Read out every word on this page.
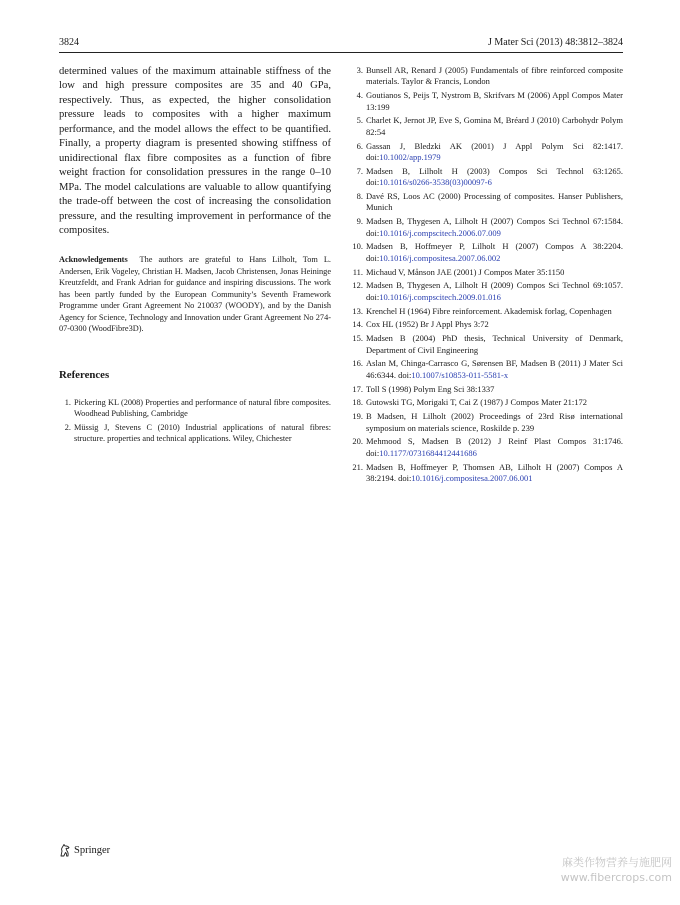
3824	J Mater Sci (2013) 48:3812–3824

determined values of the maximum attainable stiffness of the low and high pressure composites are 35 and 40 GPa, respectively. Thus, as expected, the higher consolidation pressure leads to composites with a higher maximum performance, and the model allows the effect to be quantified. Finally, a property diagram is presented showing stiffness of unidirectional flax fibre composites as a function of fibre weight fraction for consolidation pressures in the range 0–10 MPa. The model calculations are valuable to allow quantifying the trade-off between the cost of increasing the consolidation pressure, and the resulting improvement in performance of the composites.

Acknowledgements The authors are grateful to Hans Lilholt, Tom L. Andersen, Erik Vogeley, Christian H. Madsen, Jacob Christensen, Jonas Heininge Kreutzfeldt, and Frank Adrian for guidance and inspiring discussions. The work has been partly funded by the European Community’s Seventh Framework Programme under Grant Agreement No 210037 (WOODY), and by the Danish Agency for Science, Technology and Innovation under Grant Agreement No 274-07-0300 (WoodFibre3D).

References
1. Pickering KL (2008) Properties and performance of natural fibre composites. Woodhead Publishing, Cambridge
2. Müssig J, Stevens C (2010) Industrial applications of natural fibres: structure. properties and technical applications. Wiley, Chichester
3. Bunsell AR, Renard J (2005) Fundamentals of fibre reinforced composite materials. Taylor & Francis, London
4. Goutianos S, Peijs T, Nystrom B, Skrifvars M (2006) Appl Compos Mater 13:199
5. Charlet K, Jernot JP, Eve S, Gomina M, Bréard J (2010) Carbohydr Polym 82:54
6. Gassan J, Bledzki AK (2001) J Appl Polym Sci 82:1417. doi:10.1002/app.1979
7. Madsen B, Lilholt H (2003) Compos Sci Technol 63:1265. doi:10.1016/s0266-3538(03)00097-6
8. Davé RS, Loos AC (2000) Processing of composites. Hanser Publishers, Munich
9. Madsen B, Thygesen A, Lilholt H (2007) Compos Sci Technol 67:1584. doi:10.1016/j.compscitech.2006.07.009
10. Madsen B, Hoffmeyer P, Lilholt H (2007) Compos A 38:2204. doi:10.1016/j.compositesa.2007.06.002
11. Michaud V, Månson JAE (2001) J Compos Mater 35:1150
12. Madsen B, Thygesen A, Lilholt H (2009) Compos Sci Technol 69:1057. doi:10.1016/j.compscitech.2009.01.016
13. Krenchel H (1964) Fibre reinforcement. Akademisk forlag, Copenhagen
14. Cox HL (1952) Br J Appl Phys 3:72
15. Madsen B (2004) PhD thesis, Technical University of Denmark, Department of Civil Engineering
16. Aslan M, Chinga-Carrasco G, Sørensen BF, Madsen B (2011) J Mater Sci 46:6344. doi:10.1007/s10853-011-5581-x
17. Toll S (1998) Polym Eng Sci 38:1337
18. Gutowski TG, Morigaki T, Cai Z (1987) J Compos Mater 21:172
19. B Madsen, H Lilholt (2002) Proceedings of 23rd Risø international symposium on materials science, Roskilde p. 239
20. Mehmood S, Madsen B (2012) J Reinf Plast Compos 31:1746. doi:10.1177/0731684412441686
21. Madsen B, Hoffmeyer P, Thomsen AB, Lilholt H (2007) Compos A 38:2194. doi:10.1016/j.compositesa.2007.06.001
Springer
麻类作物营养与施肥网
www.fibercrops.com
